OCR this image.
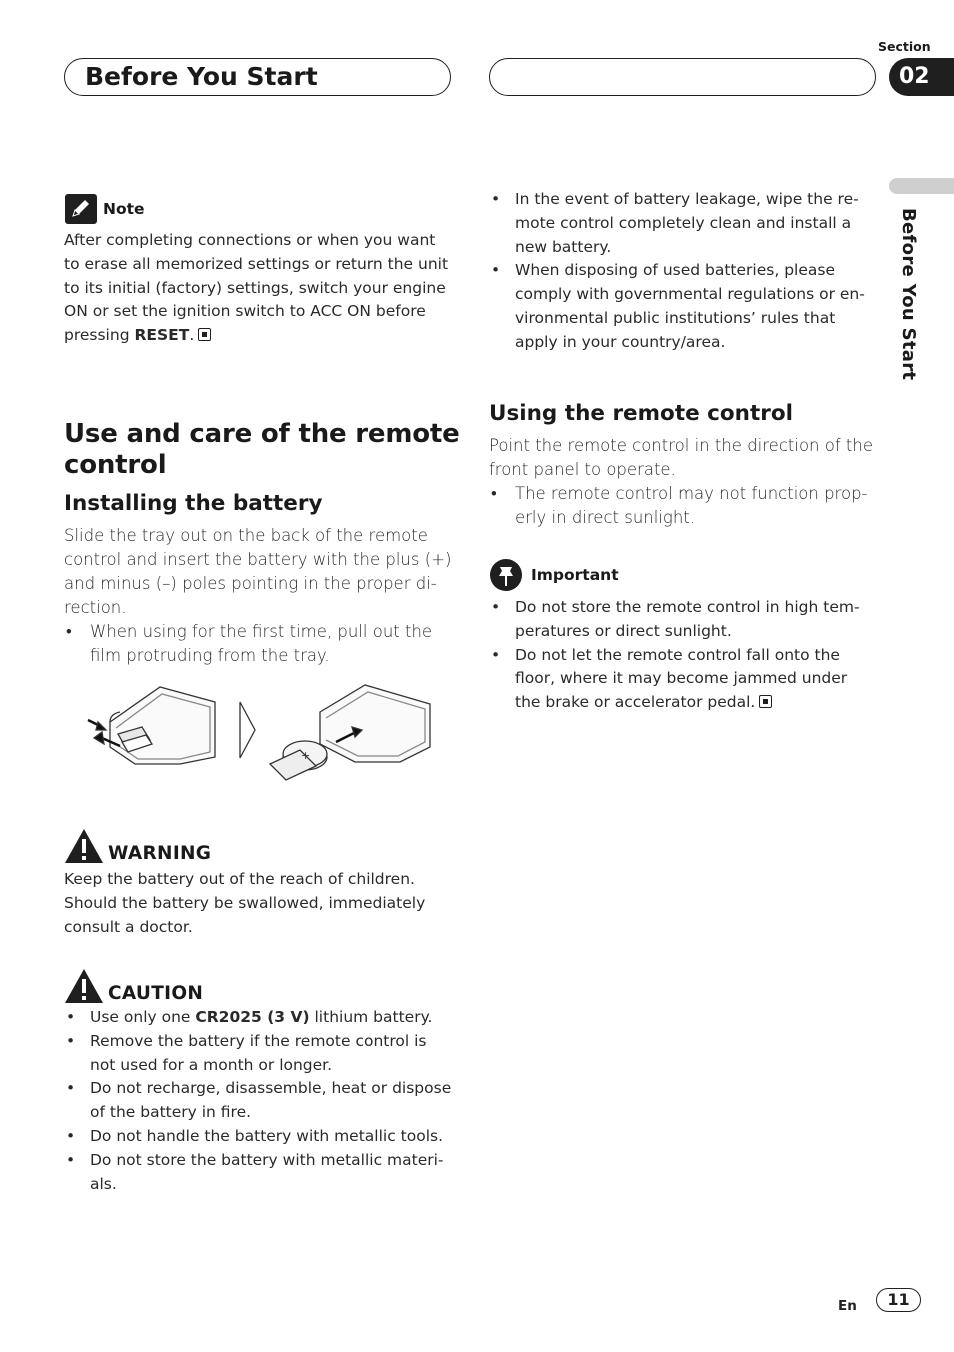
Before You Start
Section
02
Before You Start
Note

After completing connections or when you want to erase all memorized settings or return the unit to its initial (factory) settings, switch your engine ON or set the ignition switch to ACC ON before pressing RESET.

Use and care of the remote control
Installing the battery

Slide the tray out on the back of the remote control and insert the battery with the plus (+) and minus (–) poles pointing in the proper di-rection.

• When using for the first time, pull out the film protruding from the tray.
+
WARNING

Keep the battery out of the reach of children. Should the battery be swallowed, immediately consult a doctor.

CAUTION
• Use only one CR2025 (3 V) lithium battery.
• Remove the battery if the remote control is not used for a month or longer.
• Do not recharge, disassemble, heat or dispose of the battery in fire.
• Do not handle the battery with metallic tools.
• Do not store the battery with metallic materi-als.
• In the event of battery leakage, wipe the re-mote control completely clean and install a new battery.
• When disposing of used batteries, please comply with governmental regulations or en-vironmental public institutions’ rules that apply in your country/area.
Using the remote control

Point the remote control in the direction of the front panel to operate.

• The remote control may not function prop-erly in direct sunlight.
Important
• Do not store the remote control in high tem-peratures or direct sunlight.
• Do not let the remote control fall onto the floor, where it may become jammed under the brake or accelerator pedal.
En	11
